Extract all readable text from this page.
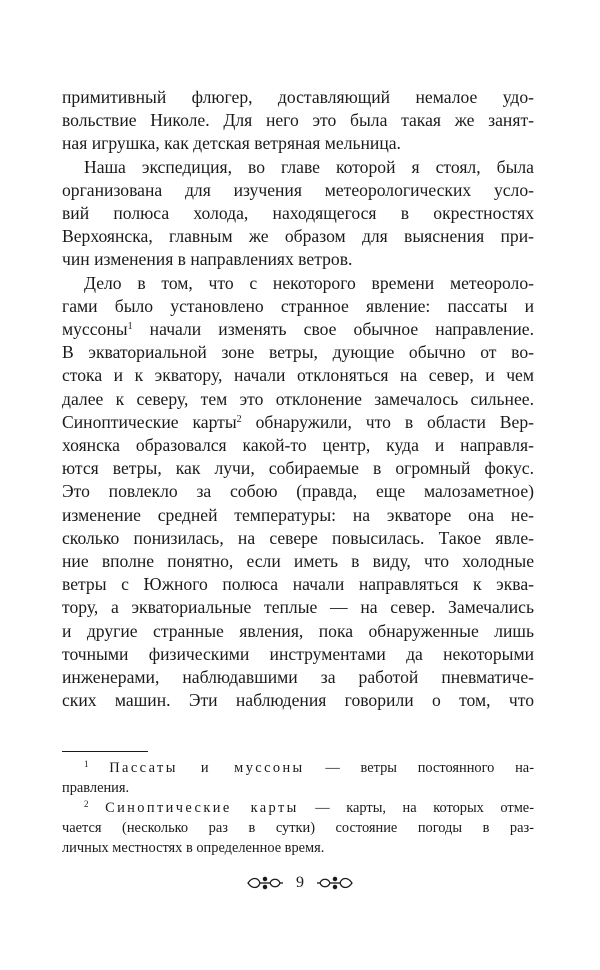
примитивный флюгер, доставляющий немалое удо-
вольствие Николе. Для него это была такая же занят-
ная игрушка, как детская ветряная мельница.

Наша экспедиция, во главе которой я стоял, была
организована для изучения метеорологических усло-
вий полюса холода, находящегося в окрестностях
Верхоянска, главным же образом для выяснения при-
чин изменения в направлениях ветров.

Дело в том, что с некоторого времени метеороло-
гами было установлено странное явление: пассаты и
муссоны$^1$ начали изменять свое обычное направление.
В экваториальной зоне ветры, дующие обычно от во-
стока и к экватору, начали отклоняться на север, и чем
далее к северу, тем это отклонение замечалось сильнее.
Синоптические карты$^2$ обнаружили, что в области Вер-
хоянска образовался какой-то центр, куда и направля-
ются ветры, как лучи, собираемые в огромный фокус.
Это повлекло за собою (правда, еще малозаметное)
изменение средней температуры: на экваторе она не-
сколько понизилась, на севере повысилась. Такое явле-
ние вполне понятно, если иметь в виду, что холодные
ветры с Южного полюса начали направляться к эква-
тору, а экваториальные теплые — на север. Замечались
и другие странные явления, пока обнаруженные лишь
точными физическими инструментами да некоторыми
инженерами, наблюдавшими за работой пневматиче-
ских машин. Эти наблюдения говорили о том, что

$^1$ Пассаты и муссоны — ветры постоянного на-
правления.

$^2$ Синоптические карты — карты, на которых отме-
чается (несколько раз в сутки) состояние погоды в раз-
личных местностях в определенное время.

9
